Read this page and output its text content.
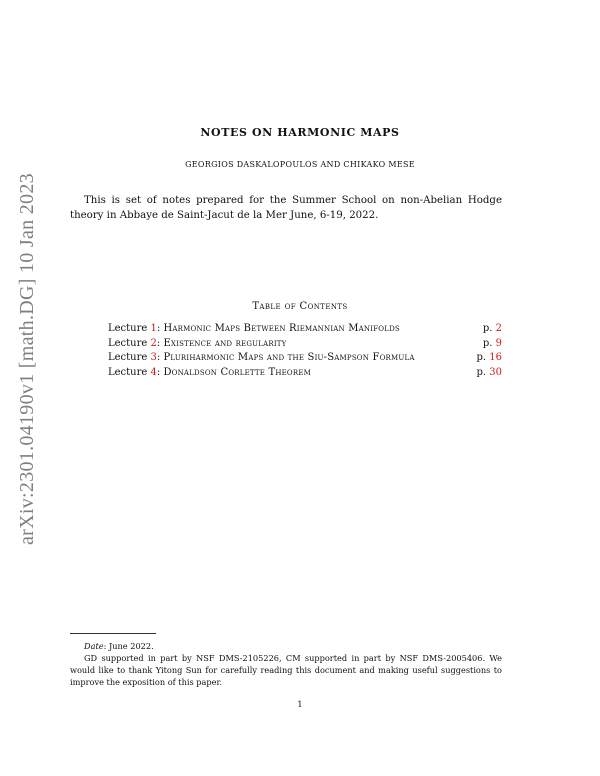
arXiv:2301.04190v1 [math.DG] 10 Jan 2023
NOTES ON HARMONIC MAPS
GEORGIOS DASKALOPOULOS AND CHIKAKO MESE

This is set of notes prepared for the Summer School on non-Abelian Hodge theory in Abbaye de Saint-Jacut de la Mer June, 6-19, 2022.

Table of Contents
Lecture 1: Harmonic Maps Between Riemannian Manifolds	p. 2
Lecture 2: Existence and regularity	p. 9
Lecture 3: Pluriharmonic Maps and the Siu-Sampson Formula	p. 16
Lecture 4: Donaldson Corlette Theorem	p. 30
Date: June 2022.
GD supported in part by NSF DMS-2105226, CM supported in part by NSF DMS-2005406. We would like to thank Yitong Sun for carefully reading this document and making useful suggestions to improve the exposition of this paper.
1
